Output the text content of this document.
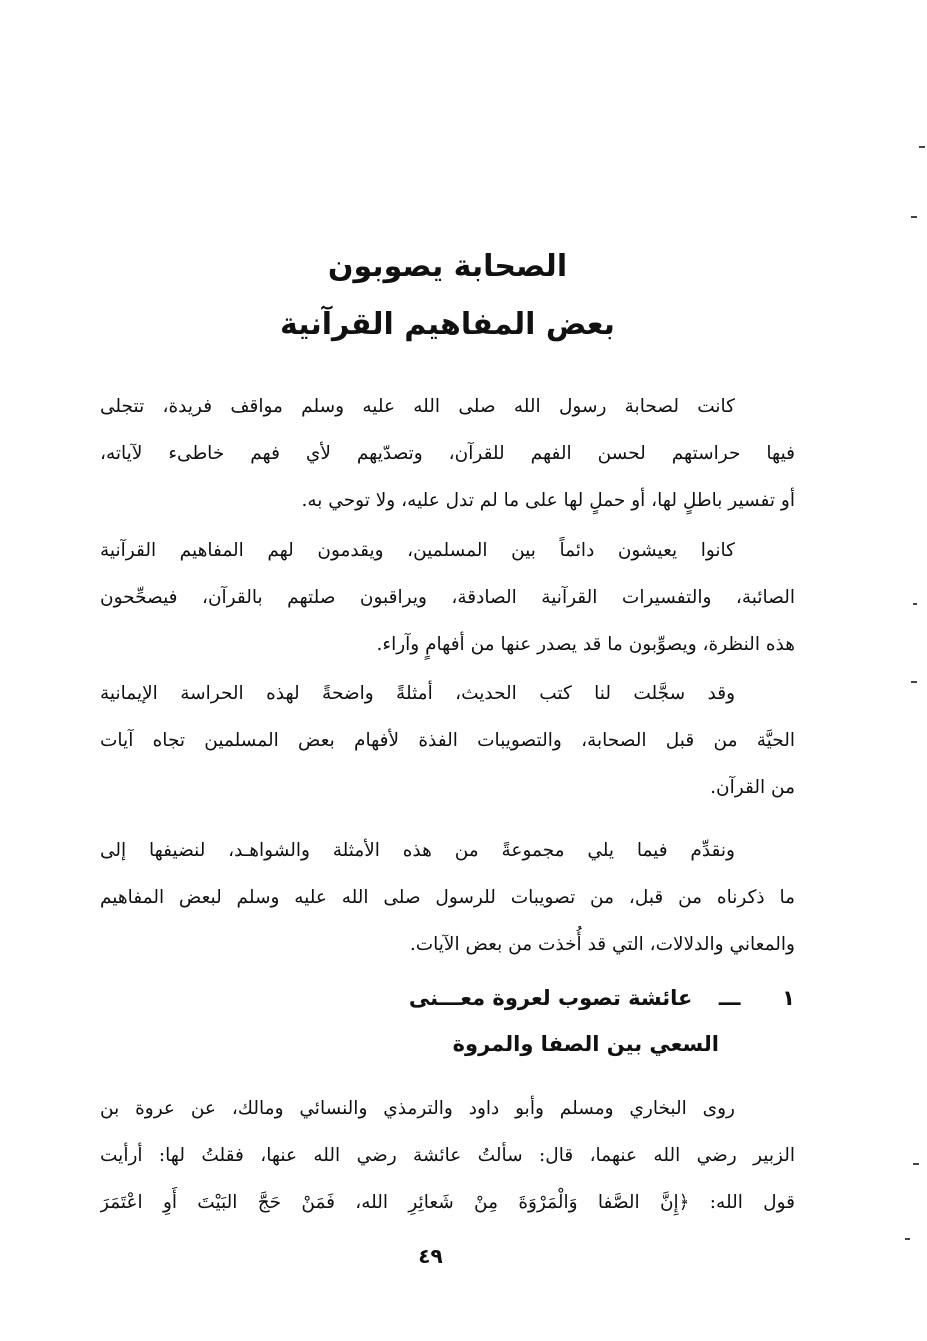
الصحابة يصوبون

بعض المفاهيم القرآنية

كانت لصحابة رسول الله صلى الله عليه وسلم مواقف فريدة، تتجلى
فيها حراستهم لحسن الفهم للقرآن، وتصدّيهم لأي فهم خاطىء لآياته،
أو تفسير باطلٍ لها، أو حملٍ لها على ما لم تدل عليه، ولا توحي به.
كانوا يعيشون دائماً بين المسلمين، ويقدمون لهم المفاهيم القرآنية
الصائبة، والتفسيرات القرآنية الصادقة، ويراقبون صلتهم بالقرآن، فيصحِّحون
هذه النظرة، ويصوِّبون ما قد يصدر عنها من أفهامٍ وآراء.
وقد سجَّلت لنا كتب الحديث، أمثلةً واضحةً لهذه الحراسة الإيمانية
الحيَّة من قبل الصحابة، والتصويبات الفذة لأفهام بعض المسلمين تجاه آيات
من القرآن.
ونقدِّم فيما يلي مجموعةً من هذه الأمثلة والشواهـد، لنضيفها إلى
ما ذكرناه من قبل، من تصويبات للرسول صلى الله عليه وسلم لبعض المفاهيم
والمعاني والدلالات، التي قد أُخذت من بعض الآيات.
١ ـــ عائشة تصوب لعروة معـــنى
السعي بين الصفا والمروة
روى البخاري ومسلم وأبو داود والترمذي والنسائي ومالك، عن عروة بن
الزبير رضي الله عنهما، قال: سألتُ عائشة رضي الله عنها، فقلتُ لها: أرأيت
قول الله: ﴿إِنَّ الصَّفا وَالْمَرْوَةَ مِنْ شَعائِرِ الله، فَمَنْ حَجَّ البَيْتَ أَوِ اعْتَمَرَ
٤٩
